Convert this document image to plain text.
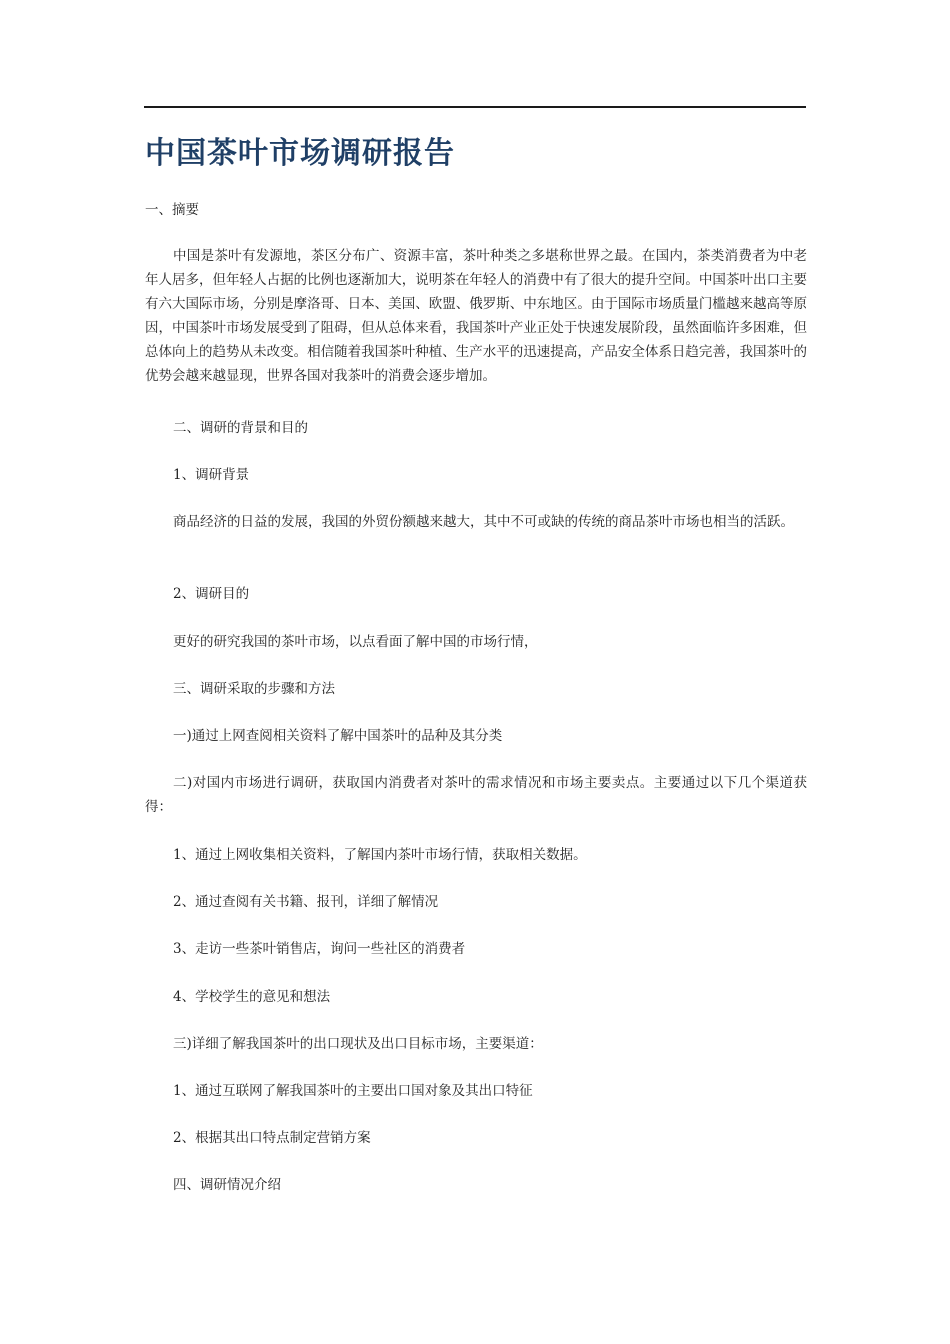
中国茶叶市场调研报告

一、摘要

中国是茶叶有发源地，茶区分布广、资源丰富，茶叶种类之多堪称世界之最。在国内，茶类消费者为中老年人居多，但年轻人占据的比例也逐渐加大，说明茶在年轻人的消费中有了很大的提升空间。中国茶叶出口主要有六大国际市场，分别是摩洛哥、日本、美国、欧盟、俄罗斯、中东地区。由于国际市场质量门槛越来越高等原因，中国茶叶市场发展受到了阻碍，但从总体来看，我国茶叶产业正处于快速发展阶段，虽然面临许多困难，但总体向上的趋势从未改变。相信随着我国茶叶种植、生产水平的迅速提高，产品安全体系日趋完善，我国茶叶的优势会越来越显现，世界各国对我茶叶的消费会逐步增加。

二、调研的背景和目的

1、调研背景

商品经济的日益的发展，我国的外贸份额越来越大，其中不可或缺的传统的商品茶叶市场也相当的活跃。

2、调研目的

更好的研究我国的茶叶市场，以点看面了解中国的市场行情，

三、调研采取的步骤和方法

一)通过上网查阅相关资料了解中国茶叶的品种及其分类

二)对国内市场进行调研，获取国内消费者对茶叶的需求情况和市场主要卖点。主要通过以下几个渠道获得：

1、通过上网收集相关资料，了解国内茶叶市场行情，获取相关数据。

2、通过查阅有关书籍、报刊，详细了解情况

3、走访一些茶叶销售店，询问一些社区的消费者

4、学校学生的意见和想法

三)详细了解我国茶叶的出口现状及出口目标市场，主要渠道：

1、通过互联网了解我国茶叶的主要出口国对象及其出口特征

2、根据其出口特点制定营销方案

四、调研情况介绍
